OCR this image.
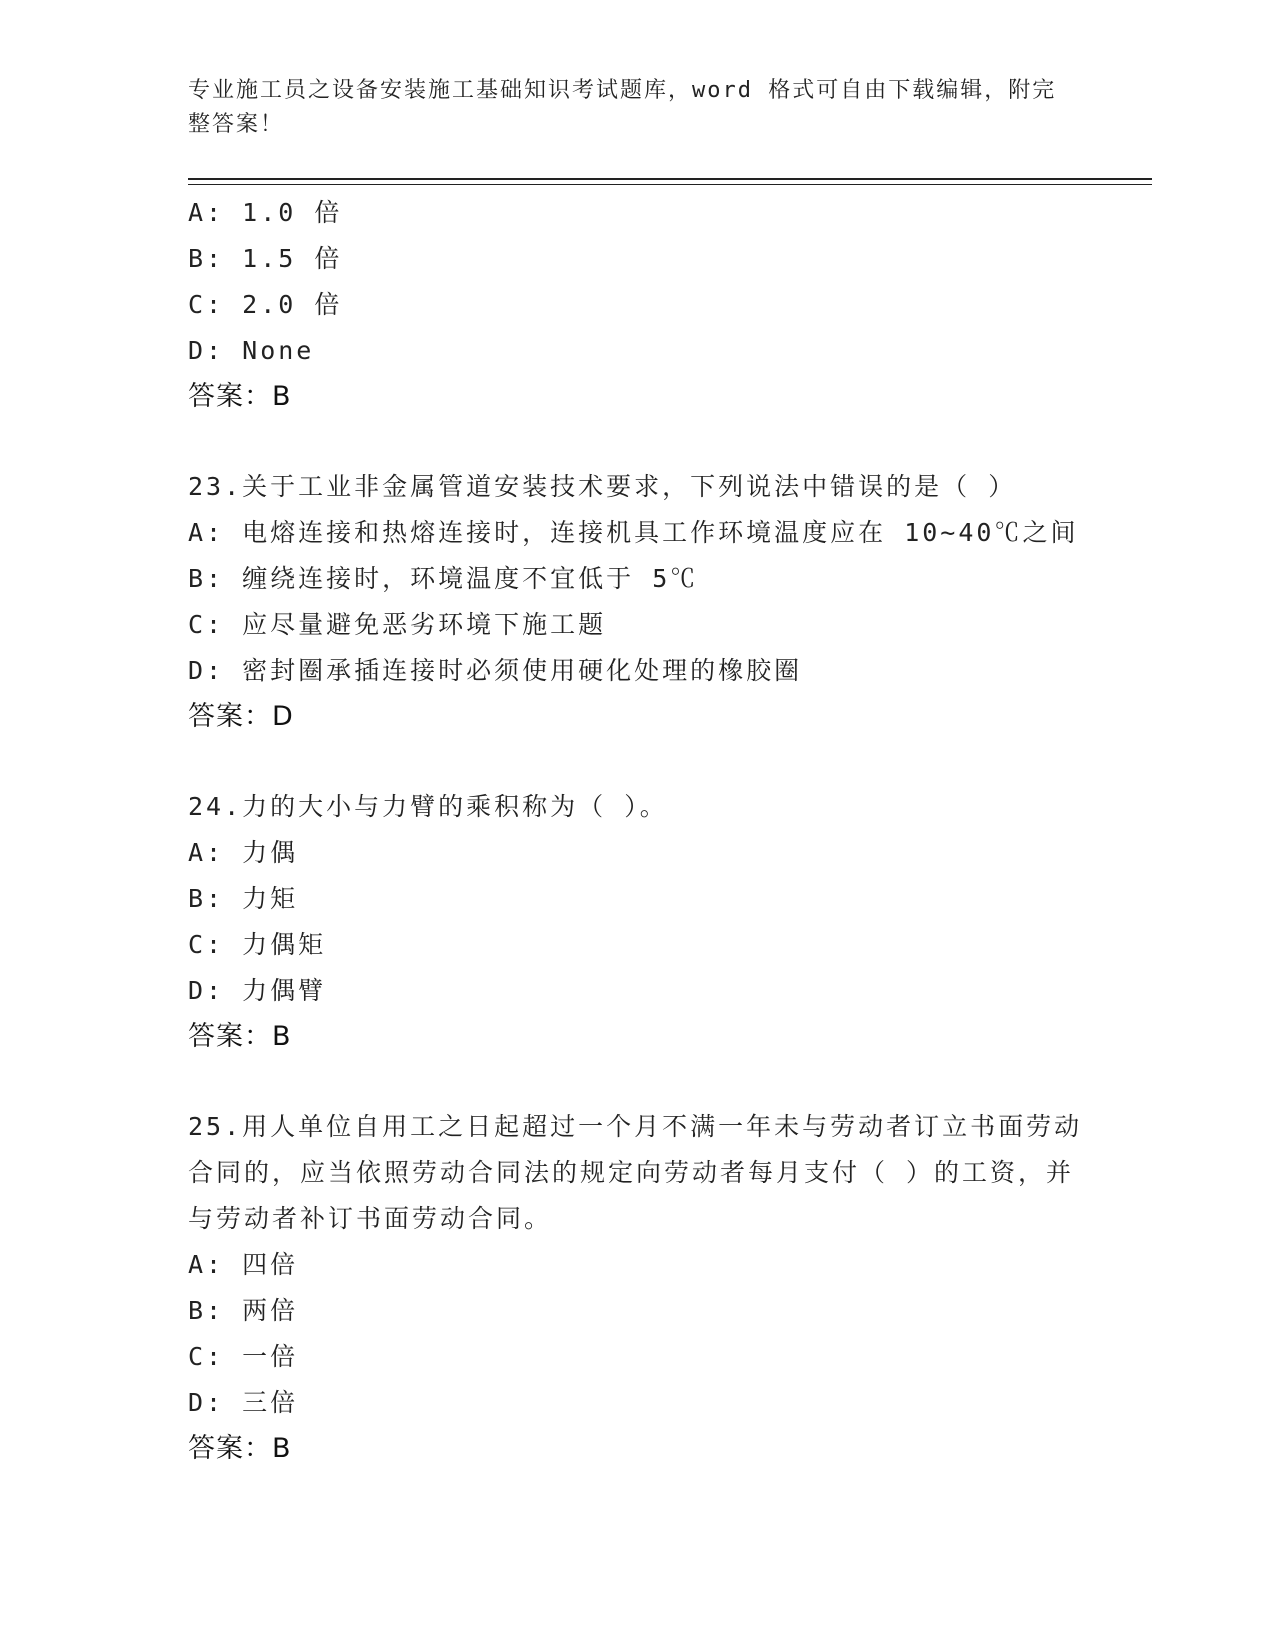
专业施工员之设备安装施工基础知识考试题库，word 格式可自由下载编辑，附完整答案！
A: 1.0 倍
B: 1.5 倍
C: 2.0 倍
D: None
答案：B
23.关于工业非金属管道安装技术要求，下列说法中错误的是（ ）
A: 电熔连接和热熔连接时，连接机具工作环境温度应在 10~40℃之间
B: 缠绕连接时，环境温度不宜低于 5℃
C: 应尽量避免恶劣环境下施工题
D: 密封圈承插连接时必须使用硬化处理的橡胶圈
答案：D
24.力的大小与力臂的乘积称为（ ）。
A: 力偶
B: 力矩
C: 力偶矩
D: 力偶臂
答案：B
25.用人单位自用工之日起超过一个月不满一年未与劳动者订立书面劳动合同的，应当依照劳动合同法的规定向劳动者每月支付（ ）的工资，并与劳动者补订书面劳动合同。
A: 四倍
B: 两倍
C: 一倍
D: 三倍
答案：B
